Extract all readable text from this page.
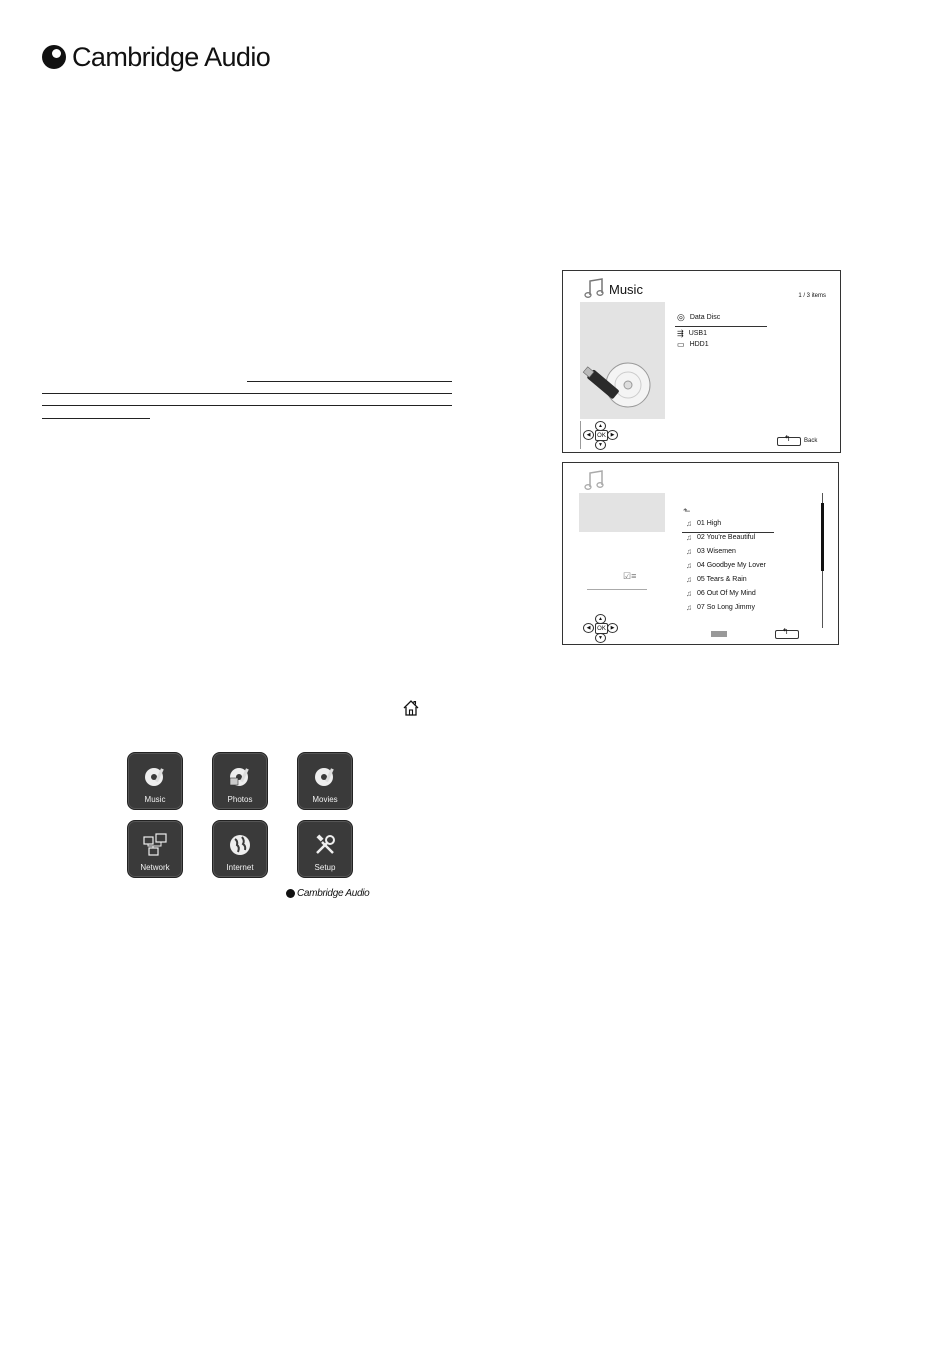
Cambridge Audio
Music	1 / 3 items
◎ Data Disc
⇶ USB1
▭ HDD1
▲
◀	OK ▶
▼
↰
Back
☑≡
⬑
♫ 01 High
♫ 02 You're Beautiful
♫ 03 Wisemen
♫ 04 Goodbye My Lover
♫ 05 Tears & Rain
♫ 06 Out Of My Mind
♫ 07 So Long Jimmy
▲
◀	OK ▶
▼
↰
Music	Photos	Movies
Network	Internet	Setup
Cambridge Audio
